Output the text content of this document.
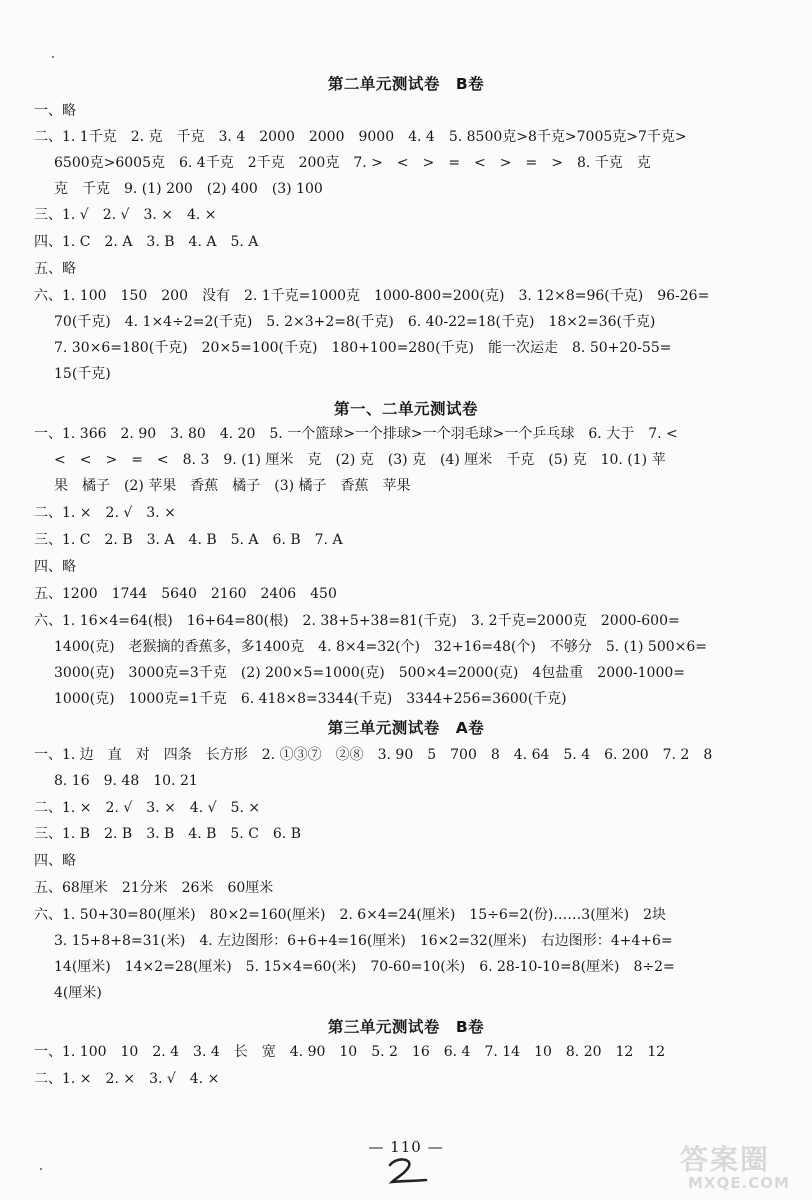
第二单元测试卷　B卷
一、略
二、1. 1千克　2. 克　千克　3. 4　2000　2000　9000　4. 4　5. 8500克>8千克>7005克>7千克>
6500克>6005克　6. 4千克　2千克　200克　7. >　<　>　=　<　>　=　>　8. 千克　克
克　千克　9. (1) 200　(2) 400　(3) 100
三、1. √　2. √　3. ×　4. ×
四、1. C　2. A　3. B　4. A　5. A
五、略
六、1. 100　150　200　没有　2. 1千克=1000克　1000-800=200(克)　3. 12×8=96(千克)　96-26=
70(千克)　4. 1×4÷2=2(千克)　5. 2×3+2=8(千克)　6. 40-22=18(千克)　18×2=36(千克)
7. 30×6=180(千克)　20×5=100(千克)　180+100=280(千克)　能一次运走　8. 50+20-55=
15(千克)
第一、二单元测试卷
一、1. 366　2. 90　3. 80　4. 20　5. 一个篮球>一个排球>一个羽毛球>一个乒乓球　6. 大于　7. <
<　<　>　=　<　8. 3　9. (1) 厘米　克　(2) 克　(3) 克　(4) 厘米　千克　(5) 克　10. (1) 苹
果　橘子　(2) 苹果　香蕉　橘子　(3) 橘子　香蕉　苹果
二、1. ×　2. √　3. ×
三、1. C　2. B　3. A　4. B　5. A　6. B　7. A
四、略
五、1200　1744　5640　2160　2406　450
六、1. 16×4=64(根)　16+64=80(根)　2. 38+5+38=81(千克)　3. 2千克=2000克　2000-600=
1400(克)　老猴摘的香蕉多，多1400克　4. 8×4=32(个)　32+16=48(个)　不够分　5. (1) 500×6=
3000(克)　3000克=3千克　(2) 200×5=1000(克)　500×4=2000(克)　4包盐重　2000-1000=
1000(克)　1000克=1千克　6. 418×8=3344(千克)　3344+256=3600(千克)
第三单元测试卷　A卷
一、1. 边　直　对　四条　长方形　2. ①③⑦　②⑧　3. 90　5　700　8　4. 64　5. 4　6. 200　7. 2　8
8. 16　9. 48　10. 21
二、1. ×　2. √　3. ×　4. √　5. ×
三、1. B　2. B　3. B　4. B　5. C　6. B
四、略
五、68厘米　21分米　26米　60厘米
六、1. 50+30=80(厘米)　80×2=160(厘米)　2. 6×4=24(厘米)　15÷6=2(份)……3(厘米)　2块
3. 15+8+8=31(米)　4. 左边图形：6+6+4=16(厘米)　16×2=32(厘米)　右边图形：4+4+6=
14(厘米)　14×2=28(厘米)　5. 15×4=60(米)　70-60=10(米)　6. 28-10-10=8(厘米)　8÷2=
4(厘米)
第三单元测试卷　B卷
一、1. 100　10　2. 4　3. 4　长　宽　4. 90　10　5. 2　16　6. 4　7. 14　10　8. 20　12　12
二、1. ×　2. ×　3. √　4. ×
— 110 —	答案圈
MXQE.COM
